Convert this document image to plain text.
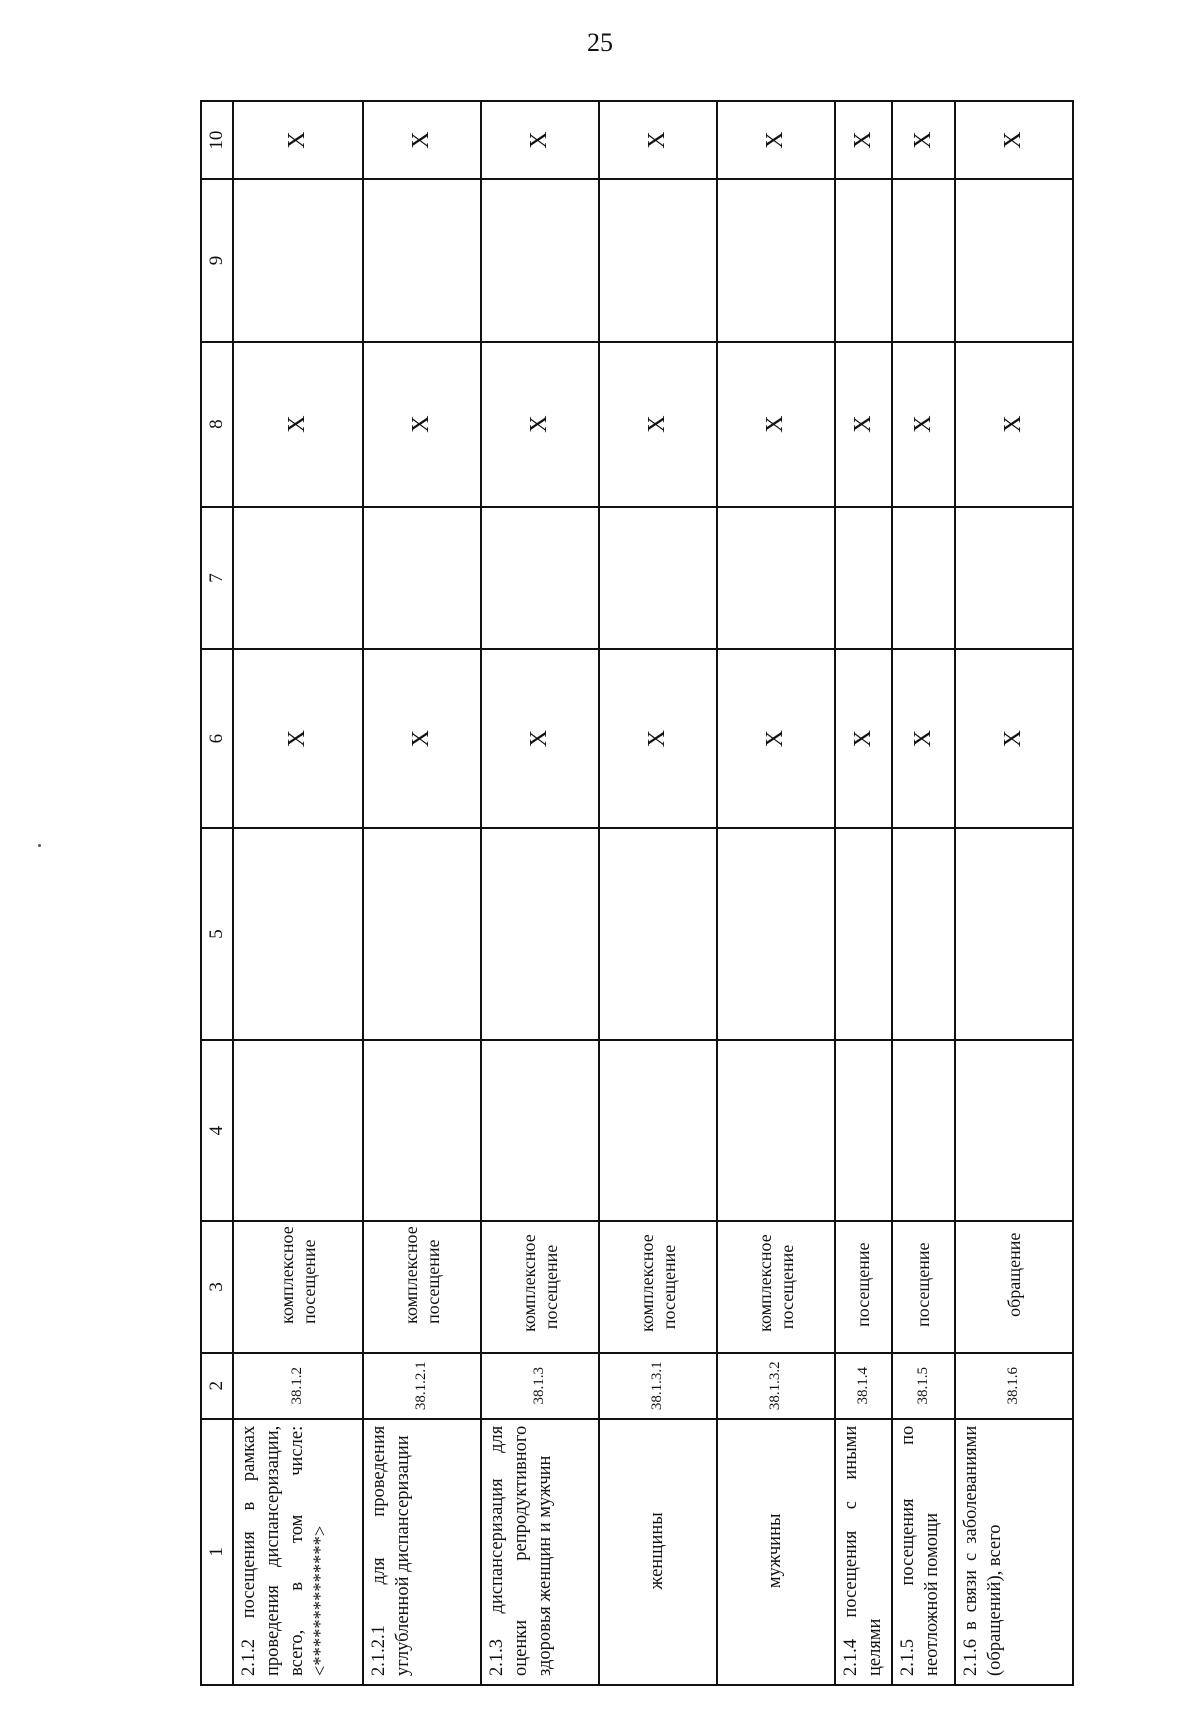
25
1	2	3	4	5	6	7	8	9	10
2.1.2 посещения в рамках проведения диспансеризации, всего, в том числе: <**************>	38.1.2	комплексное посещение			X		X		X
2.1.2.1 для проведения углубленной диспансеризации	38.1.2.1	комплексное посещение			X		X		X
2.1.3 диспансеризация для оценки репродуктивного здоровья женщин и мужчин	38.1.3	комплексное посещение			X		X		X
женщины	38.1.3.1	комплексное посещение			X		X		X
мужчины	38.1.3.2	комплексное посещение			X		X		X
2.1.4 посещения с иными целями	38.1.4	посещение			X		X		X
2.1.5 посещения по неотложной помощи	38.1.5	посещение			X		X		X
2.1.6 в связи с заболеваниями (обращений), всего	38.1.6	обращение			X		X		X
